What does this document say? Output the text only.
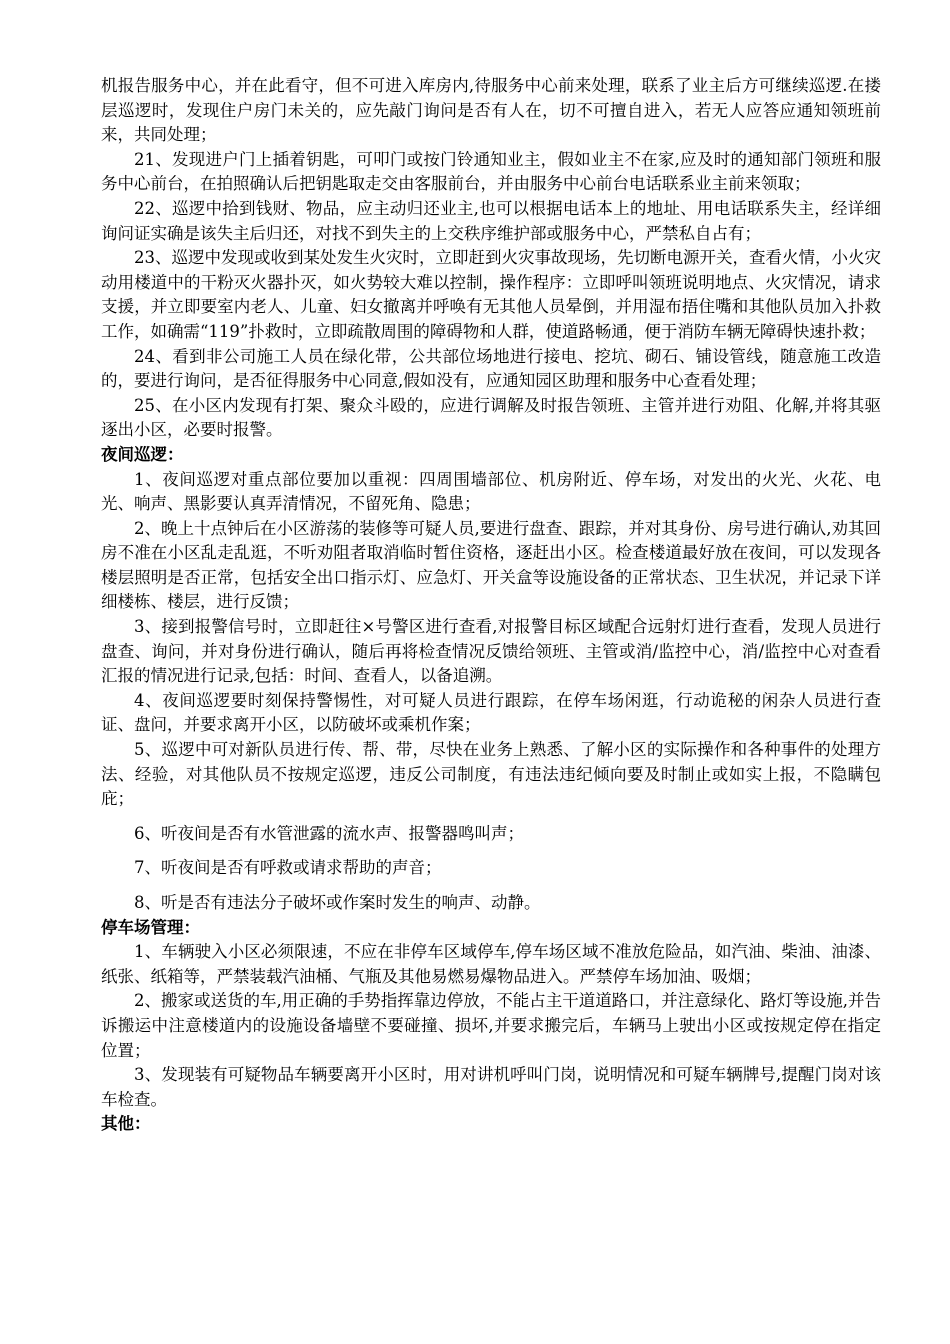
机报告服务中心，并在此看守，但不可进入库房内,待服务中心前来处理，联系了业主后方可继续巡逻.在搂层巡逻时，发现住户房门未关的，应先敲门询问是否有人在，切不可擅自进入，若无人应答应通知领班前来，共同处理；

21、发现进户门上插着钥匙，可叩门或按门铃通知业主，假如业主不在家,应及时的通知部门领班和服务中心前台，在拍照确认后把钥匙取走交由客服前台，并由服务中心前台电话联系业主前来领取；

22、巡逻中拾到钱财、物品，应主动归还业主,也可以根据电话本上的地址、用电话联系失主，经详细询问证实确是该失主后归还，对找不到失主的上交秩序维护部或服务中心，严禁私自占有；

23、巡逻中发现或收到某处发生火灾时，立即赶到火灾事故现场，先切断电源开关，查看火情，小火灾动用楼道中的干粉灭火器扑灭，如火势较大难以控制，操作程序：立即呼叫领班说明地点、火灾情况，请求支援，并立即要室内老人、儿童、妇女撤离并呼唤有无其他人员晕倒，并用湿布捂住嘴和其他队员加入扑救工作，如确需“119”扑救时，立即疏散周围的障碍物和人群，使道路畅通，便于消防车辆无障碍快速扑救；

24、看到非公司施工人员在绿化带，公共部位场地进行接电、挖坑、砌石、铺设管线，随意施工改造的，要进行询问，是否征得服务中心同意,假如没有，应通知园区助理和服务中心查看处理；

25、在小区内发现有打架、聚众斗殴的，应进行调解及时报告领班、主管并进行劝阻、化解,并将其驱逐出小区，必要时报警。

夜间巡逻：

1、夜间巡逻对重点部位要加以重视：四周围墙部位、机房附近、停车场，对发出的火光、火花、电光、响声、黑影要认真弄清情况，不留死角、隐患；

2、晚上十点钟后在小区游荡的装修等可疑人员,要进行盘查、跟踪，并对其身份、房号进行确认,劝其回房不准在小区乱走乱逛，不听劝阻者取消临时暂住资格，逐赶出小区。检查楼道最好放在夜间，可以发现各楼层照明是否正常，包括安全出口指示灯、应急灯、开关盒等设施设备的正常状态、卫生状况，并记录下详细楼栋、楼层，进行反馈；

3、接到报警信号时，立即赶往×号警区进行查看,对报警目标区域配合远射灯进行查看，发现人员进行盘查、询问，并对身份进行确认，随后再将检查情况反馈给领班、主管或消/监控中心，消/监控中心对查看汇报的情况进行记录,包括：时间、查看人，以备追溯。

4、夜间巡逻要时刻保持警惕性，对可疑人员进行跟踪，在停车场闲逛，行动诡秘的闲杂人员进行查证、盘问，并要求离开小区，以防破坏或乘机作案；

5、巡逻中可对新队员进行传、帮、带，尽快在业务上熟悉、了解小区的实际操作和各种事件的处理方法、经验，对其他队员不按规定巡逻，违反公司制度，有违法违纪倾向要及时制止或如实上报，不隐瞒包庇；

6、听夜间是否有水管泄露的流水声、报警器鸣叫声；

7、听夜间是否有呼救或请求帮助的声音；

8、听是否有违法分子破坏或作案时发生的响声、动静。

停车场管理：

1、车辆驶入小区必须限速，不应在非停车区域停车,停车场区域不准放危险品，如汽油、柴油、油漆、纸张、纸箱等，严禁装载汽油桶、气瓶及其他易燃易爆物品进入。严禁停车场加油、吸烟；

2、搬家或送货的车,用正确的手势指挥靠边停放，不能占主干道道路口，并注意绿化、路灯等设施,并告诉搬运中注意楼道内的设施设备墙壁不要碰撞、损坏,并要求搬完后，车辆马上驶出小区或按规定停在指定位置；

3、发现装有可疑物品车辆要离开小区时，用对讲机呼叫门岗，说明情况和可疑车辆牌号,提醒门岗对该车检查。

其他：
